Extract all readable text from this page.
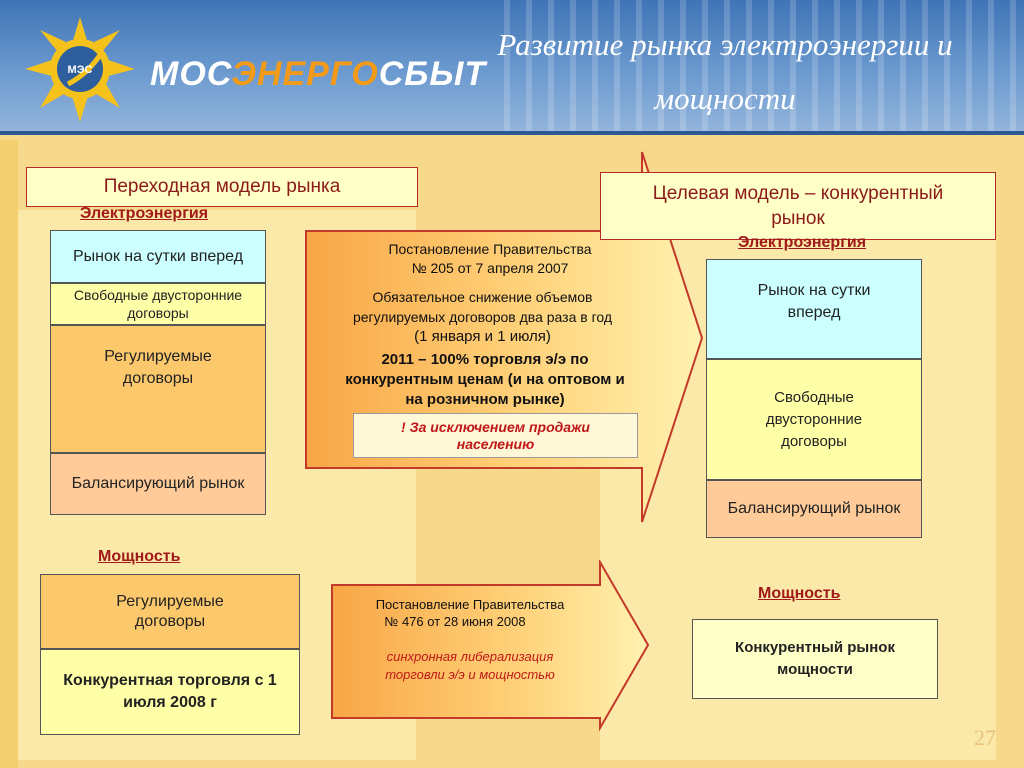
МЭС МОСЭНЕРГОСБЫТ
Развитие рынка электроэнергии и
мощности
Переходная модель рынка
Электроэнергия
Рынок на сутки вперед
Свободные двусторонние договоры
Регулируемые договоры
Балансирующий рынок
Мощность
Регулируемые договоры
Конкурентная торговля с 1 июля 2008 г
Постановление Правительства
№ 205 от 7 апреля 2007
Обязательное снижение объемов
регулируемых договоров два раза в год
(1 января и 1 июля)
2011 – 100% торговля э/э по
конкурентным ценам (и на оптовом и
на розничном рынке)
! За исключением продажи
населению
Постановление Правительства
№ 476 от 28 июня 2008
синхронная либерализация
торговли э/э и мощностью
Целевая модель – конкурентный
рынок
Электроэнергия
Рынок на сутки вперед
Свободные двусторонние договоры
Балансирующий рынок
Мощность
Конкурентный рынок мощности
27
